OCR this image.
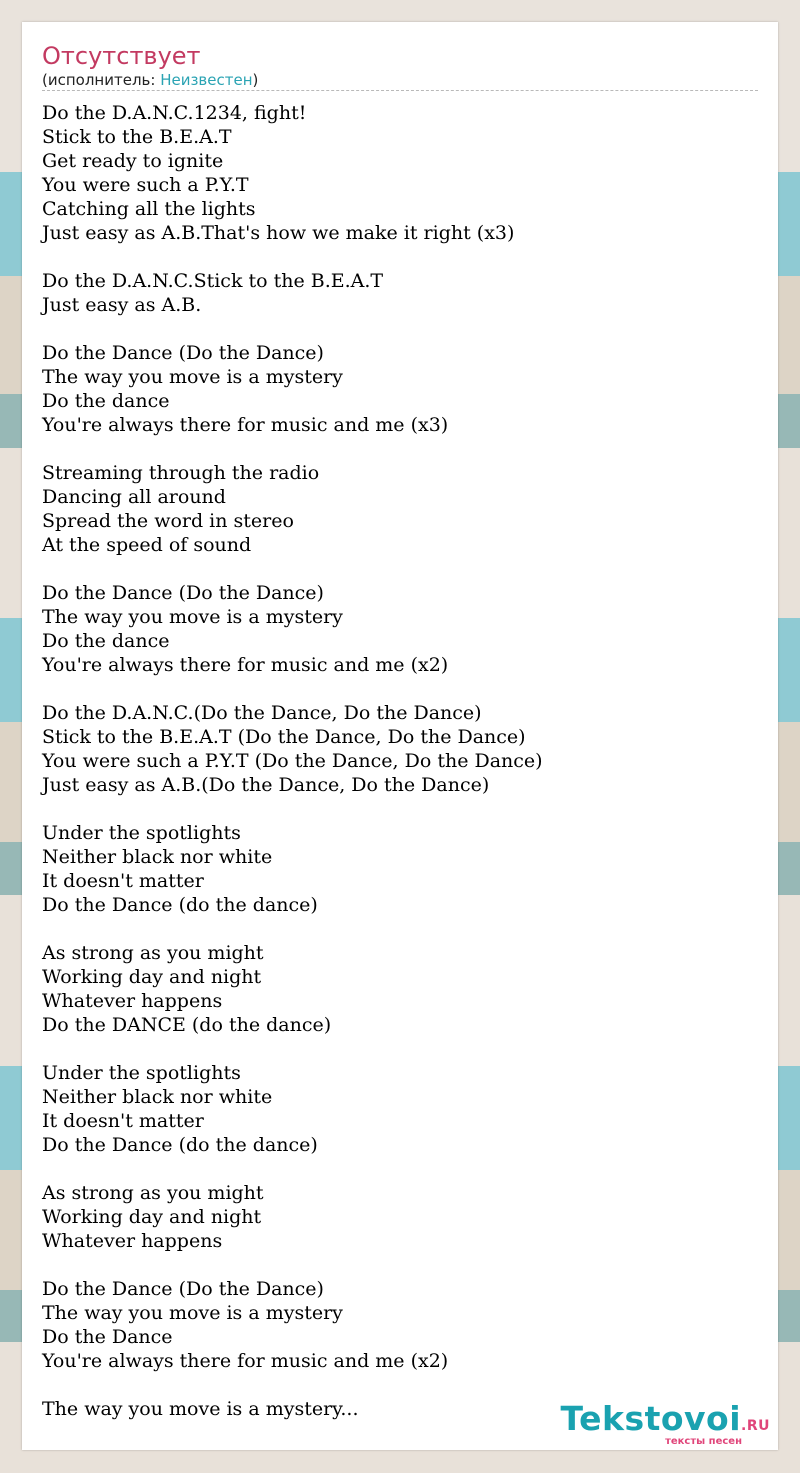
Отсутствует
(исполнитель: Неизвестен)
Do the D.A.N.C.1234, fight!
Stick to the B.E.A.T
Get ready to ignite
You were such a P.Y.T
Catching all the lights
Just easy as A.B.That's how we make it right (x3)
Do the D.A.N.C.Stick to the B.E.A.T
Just easy as A.B.
Do the Dance (Do the Dance)
The way you move is a mystery
Do the dance
You're always there for music and me (x3)
Streaming through the radio
Dancing all around
Spread the word in stereo
At the speed of sound
Do the Dance (Do the Dance)
The way you move is a mystery
Do the dance
You're always there for music and me (x2)
Do the D.A.N.C.(Do the Dance, Do the Dance)
Stick to the B.E.A.T (Do the Dance, Do the Dance)
You were such a P.Y.T (Do the Dance, Do the Dance)
Just easy as A.B.(Do the Dance, Do the Dance)
Under the spotlights
Neither black nor white
It doesn't matter
Do the Dance (do the dance)
As strong as you might
Working day and night
Whatever happens
Do the DANCE (do the dance)
Under the spotlights
Neither black nor white
It doesn't matter
Do the Dance (do the dance)
As strong as you might
Working day and night
Whatever happens
Do the Dance (Do the Dance)
The way you move is a mystery
Do the Dance
You're always there for music and me (x2)
The way you move is a mystery...	Tekstovoi.RU
тексты песен
